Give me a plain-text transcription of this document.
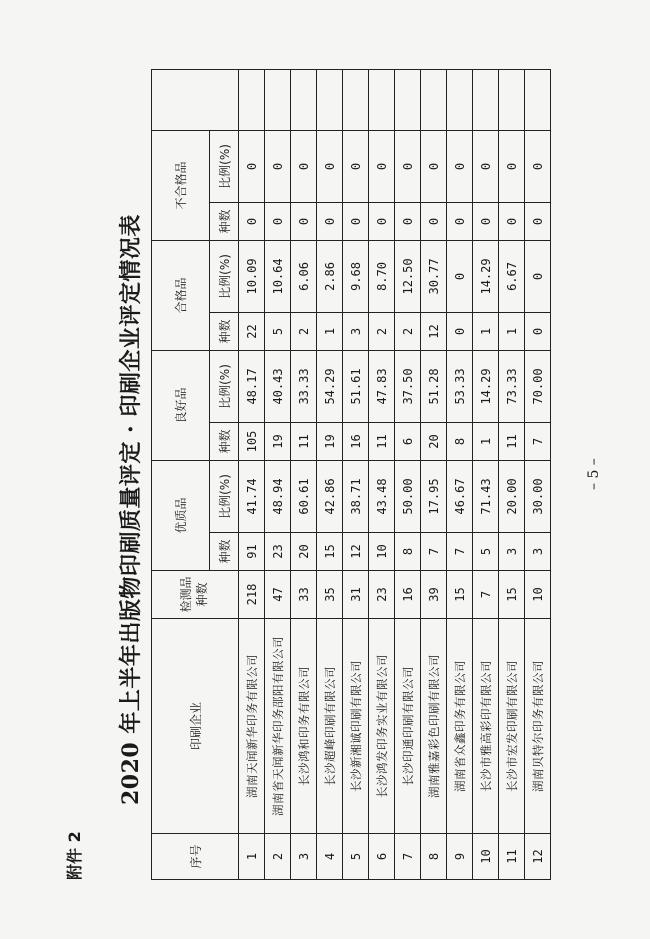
附件 2
2020 年上半年出版物印刷质量评定 · 印刷企业评定情况表
序号	印刷企业	检测品种数	优质品		良好品		合格品		不合格品		
			种数	比例(%)	种数	比例(%)	种数	比例(%)	种数	比例(%)	
1	湖南天闻新华印务有限公司	218	91	41.74	105	48.17	22	10.09	0	0	
2	湖南省天闻新华印务邵阳有限公司	47	23	48.94	19	40.43	5	10.64	0	0	
3	长沙鸿和印务有限公司	33	20	60.61	11	33.33	2	6.06	0	0	
4	长沙超峰印刷有限公司	35	15	42.86	19	54.29	1	2.86	0	0	
5	长沙新湘诚印刷有限公司	31	12	38.71	16	51.61	3	9.68	0	0	
6	长沙鸿发印务实业有限公司	23	10	43.48	11	47.83	2	8.70	0	0	
7	长沙印通印刷有限公司	16	8	50.00	6	37.50	2	12.50	0	0	
8	湖南雅嘉彩色印刷有限公司	39	7	17.95	20	51.28	12	30.77	0	0	
9	湖南省众鑫印务有限公司	15	7	46.67	8	53.33	0	0	0	0	
10	长沙市雅高彩印有限公司	7	5	71.43	1	14.29	1	14.29	0	0	
11	长沙市宏发印刷有限公司	15	3	20.00	11	73.33	1	6.67	0	0	
12	湖南贝特尔印务有限公司	10	3	30.00	7	70.00	0	0	0	0	
– 5 –
